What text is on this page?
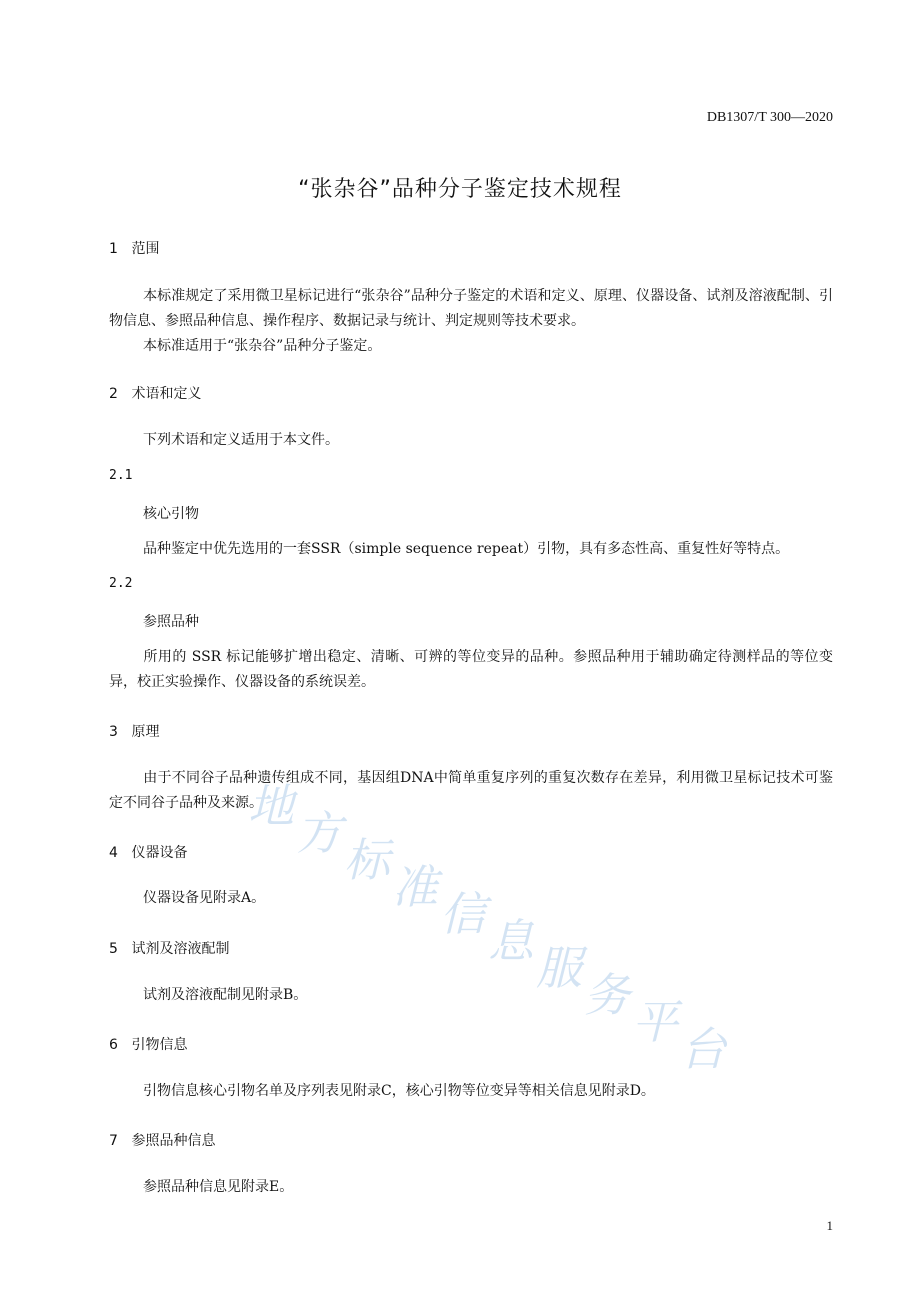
DB1307/T 300—2020
“张杂谷”品种分子鉴定技术规程
1 范围
本标准规定了采用微卫星标记进行“张杂谷”品种分子鉴定的术语和定义、原理、仪器设备、试剂及溶液配制、引物信息、参照品种信息、操作程序、数据记录与统计、判定规则等技术要求。
本标准适用于“张杂谷”品种分子鉴定。
2 术语和定义
下列术语和定义适用于本文件。
2.1
核心引物
品种鉴定中优先选用的一套SSR（simple sequence repeat）引物，具有多态性高、重复性好等特点。
2.2
参照品种
所用的 SSR 标记能够扩增出稳定、清晰、可辨的等位变异的品种。参照品种用于辅助确定待测样品的等位变异，校正实验操作、仪器设备的系统误差。
3 原理
由于不同谷子品种遗传组成不同，基因组DNA中简单重复序列的重复次数存在差异，利用微卫星标记技术可鉴定不同谷子品种及来源。
4 仪器设备
仪器设备见附录A。
5 试剂及溶液配制
试剂及溶液配制见附录B。
6 引物信息
引物信息核心引物名单及序列表见附录C，核心引物等位变异等相关信息见附录D。
7 参照品种信息
参照品种信息见附录E。
地 方 标 准 信 息 服 务 平 台
1
